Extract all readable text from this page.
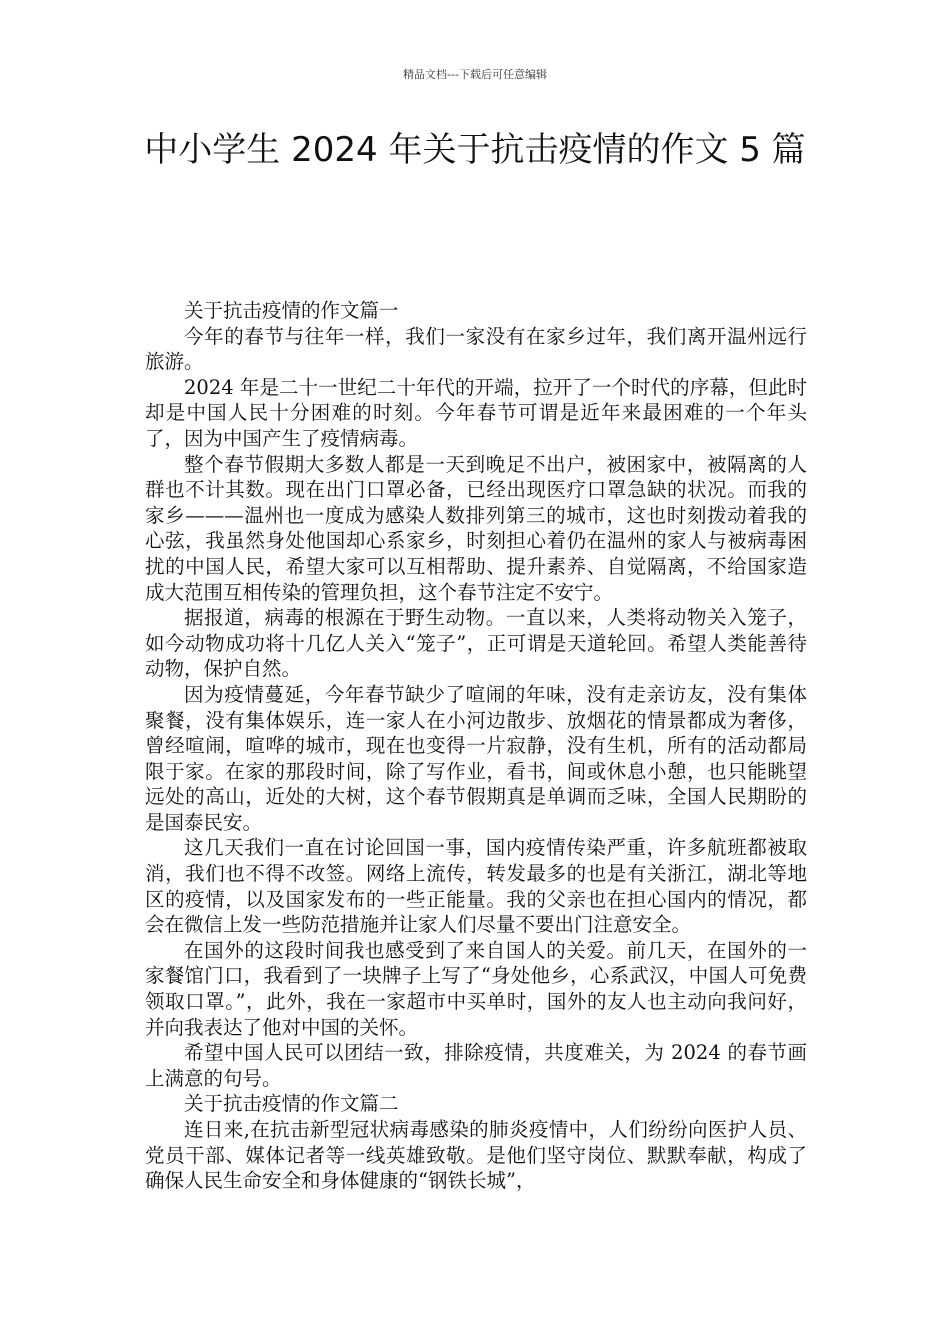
精品文档---下载后可任意编辑
中小学生 2024 年关于抗击疫情的作文 5 篇

关于抗击疫情的作文篇一

今年的春节与往年一样，我们一家没有在家乡过年，我们离开温州远行旅游。

2024 年是二十一世纪二十年代的开端，拉开了一个时代的序幕，但此时却是中国人民十分困难的时刻。今年春节可谓是近年来最困难的一个年头了，因为中国产生了疫情病毒。

整个春节假期大多数人都是一天到晚足不出户，被困家中，被隔离的人群也不计其数。现在出门口罩必备，已经出现医疗口罩急缺的状况。而我的家乡———温州也一度成为感染人数排列第三的城市，这也时刻拨动着我的心弦，我虽然身处他国却心系家乡，时刻担心着仍在温州的家人与被病毒困扰的中国人民，希望大家可以互相帮助、提升素养、自觉隔离，不给国家造成大范围互相传染的管理负担，这个春节注定不安宁。

据报道，病毒的根源在于野生动物。一直以来，人类将动物关入笼子，如今动物成功将十几亿人关入“笼子”，正可谓是天道轮回。希望人类能善待动物，保护自然。

因为疫情蔓延，今年春节缺少了喧闹的年味，没有走亲访友，没有集体聚餐，没有集体娱乐，连一家人在小河边散步、放烟花的情景都成为奢侈，曾经喧闹，喧哗的城市，现在也变得一片寂静，没有生机，所有的活动都局限于家。在家的那段时间，除了写作业，看书，间或休息小憩，也只能眺望远处的高山，近处的大树，这个春节假期真是单调而乏味，全国人民期盼的是国泰民安。

这几天我们一直在讨论回国一事，国内疫情传染严重，许多航班都被取消，我们也不得不改签。网络上流传，转发最多的也是有关浙江，湖北等地区的疫情，以及国家发布的一些正能量。我的父亲也在担心国内的情况，都会在微信上发一些防范措施并让家人们尽量不要出门注意安全。

在国外的这段时间我也感受到了来自国人的关爱。前几天，在国外的一家餐馆门口，我看到了一块牌子上写了“身处他乡，心系武汉，中国人可免费领取口罩。”，此外，我在一家超市中买单时，国外的友人也主动向我问好，并向我表达了他对中国的关怀。

希望中国人民可以团结一致，排除疫情，共度难关，为 2024 的春节画上满意的句号。

关于抗击疫情的作文篇二

连日来,在抗击新型冠状病毒感染的肺炎疫情中，人们纷纷向医护人员、党员干部、媒体记者等一线英雄致敬。是他们坚守岗位、默默奉献，构成了确保人民生命安全和身体健康的“钢铁长城”，
